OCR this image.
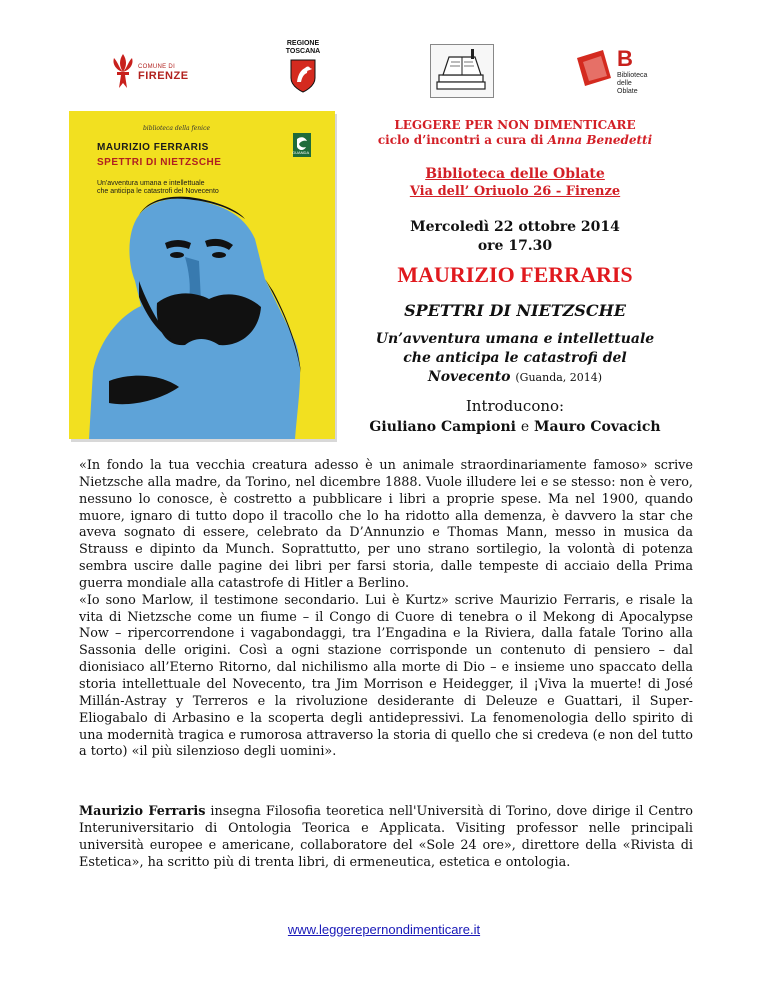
COMUNE DI
FIRENZE
REGIONE
TOSCANA	B
Biblioteca
delle Oblate
biblioteca della fenice
MAURIZIO FERRARIS
SPETTRI DI NIETZSCHE
Un'avventura umana e intellettuale
che anticipa le catastrofi del Novecento
GUANDA
LEGGERE PER NON DIMENTICARE
ciclo d’incontri a cura di Anna Benedetti
Biblioteca delle Oblate
Via dell’ Oriuolo 26 - Firenze
Mercoledì 22 ottobre 2014
ore 17.30
MAURIZIO FERRARIS
SPETTRI DI NIETZSCHE
Un’avventura umana e intellettuale
che anticipa le catastrofi del
Novecento (Guanda, 2014)
Introducono:
Giuliano Campioni e Mauro Covacich
«In fondo la tua vecchia creatura adesso è un animale straordinariamente famoso» scrive Nietzsche alla madre, da Torino, nel dicembre 1888. Vuole illudere lei e se stesso: non è vero, nessuno lo conosce, è costretto a pubblicare i libri a proprie spese. Ma nel 1900, quando muore, ignaro di tutto dopo il tracollo che lo ha ridotto alla demenza, è davvero la star che aveva sognato di essere, celebrato da D’Annunzio e Thomas Mann, messo in musica da Strauss e dipinto da Munch. Soprattutto, per uno strano sortilegio, la volontà di potenza sembra uscire dalle pagine dei libri per farsi storia, dalle tempeste di acciaio della Prima guerra mondiale alla catastrofe di Hitler a Berlino.
«Io sono Marlow, il testimone secondario. Lui è Kurtz» scrive Maurizio Ferraris, e risale la vita di Nietzsche come un fiume – il Congo di Cuore di tenebra o il Mekong di Apocalypse Now – ripercorrendone i vagabondaggi, tra l’Engadina e la Riviera, dalla fatale Torino alla Sassonia delle origini. Così a ogni stazione corrisponde un contenuto di pensiero – dal dionisiaco all’Eterno Ritorno, dal nichilismo alla morte di Dio – e insieme uno spaccato della storia intellettuale del Novecento, tra Jim Morrison e Heidegger, il ¡Viva la muerte! di José Millán-Astray y Terreros e la rivoluzione desiderante di Deleuze e Guattari, il Super-Eliogabalo di Arbasino e la scoperta degli antidepressivi. La fenomenologia dello spirito di una modernità tragica e rumorosa attraverso la storia di quello che si credeva (e non del tutto a torto) «il più silenzioso degli uomini».
Maurizio Ferraris insegna Filosofia teoretica nell'Università di Torino, dove dirige il Centro Interuniversitario di Ontologia Teorica e Applicata. Visiting professor nelle principali università europee e americane, collaboratore del «Sole 24 ore», direttore della «Rivista di Estetica», ha scritto più di trenta libri, di ermeneutica, estetica e ontologia.
www.leggerepernondimenticare.it
